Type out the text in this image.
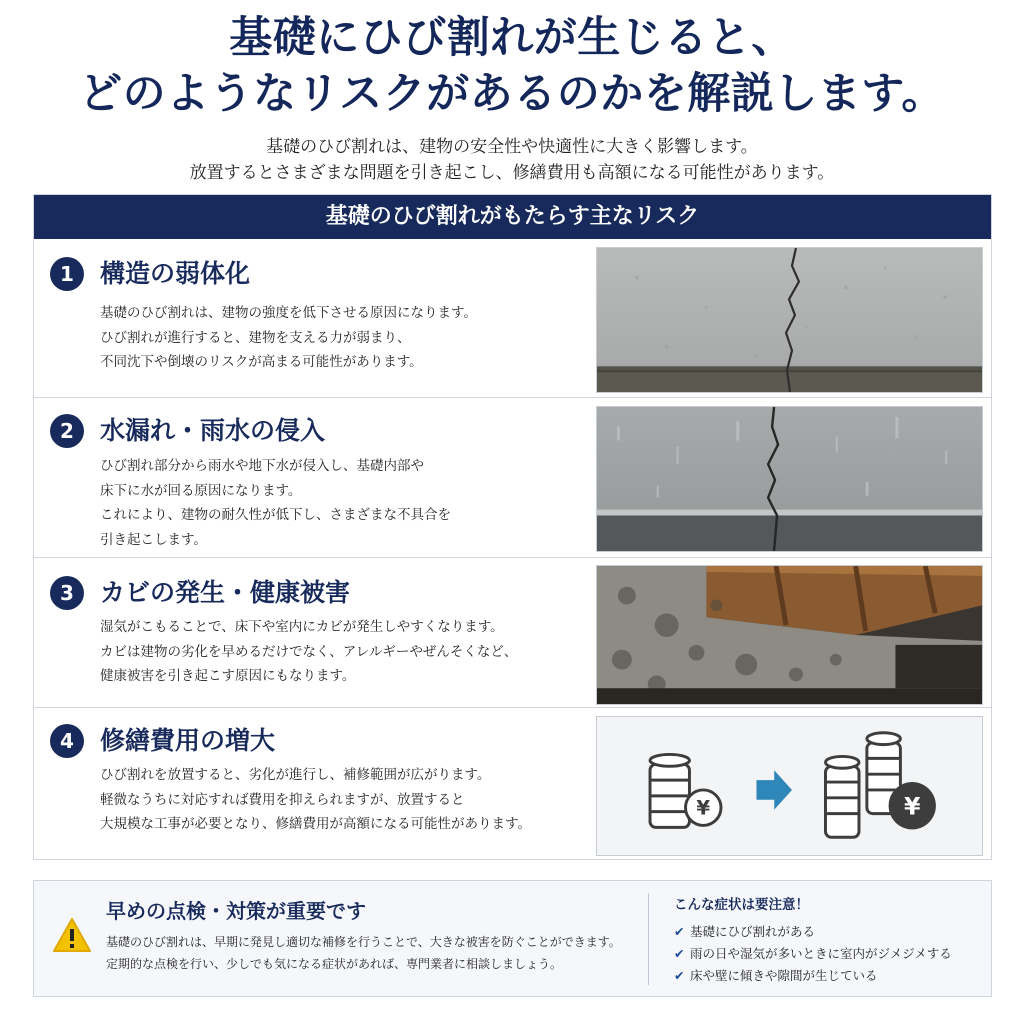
基礎にひび割れが生じると、
どのようなリスクがあるのかを解説します。
基礎のひび割れは、建物の安全性や快適性に大きく影響します。
放置するとさまざまな問題を引き起こし、修繕費用も高額になる可能性があります。
基礎のひび割れがもたらす主なリスク
1	構造の弱体化
基礎のひび割れは、建物の強度を低下させる原因になります。
ひび割れが進行すると、建物を支える力が弱まり、
不同沈下や倒壊のリスクが高まる可能性があります。
2	水漏れ・雨水の侵入
ひび割れ部分から雨水や地下水が侵入し、基礎内部や
床下に水が回る原因になります。
これにより、建物の耐久性が低下し、さまざまな不具合を
引き起こします。
3	カビの発生・健康被害
湿気がこもることで、床下や室内にカビが発生しやすくなります。
カビは建物の劣化を早めるだけでなく、アレルギーやぜんそくなど、
健康被害を引き起こす原因にもなります。
4	修繕費用の増大
ひび割れを放置すると、劣化が進行し、補修範囲が広がります。
軽微なうちに対応すれば費用を抑えられますが、放置すると
大規模な工事が必要となり、修繕費用が高額になる可能性があります。
¥	¥
早めの点検・対策が重要です
基礎のひび割れは、早期に発見し適切な補修を行うことで、大きな被害を防ぐことができます。
定期的な点検を行い、少しでも気になる症状があれば、専門業者に相談しましょう。
こんな症状は要注意！
✔ 基礎にひび割れがある
✔ 雨の日や湿気が多いときに室内がジメジメする
✔ 床や壁に傾きや隙間が生じている
